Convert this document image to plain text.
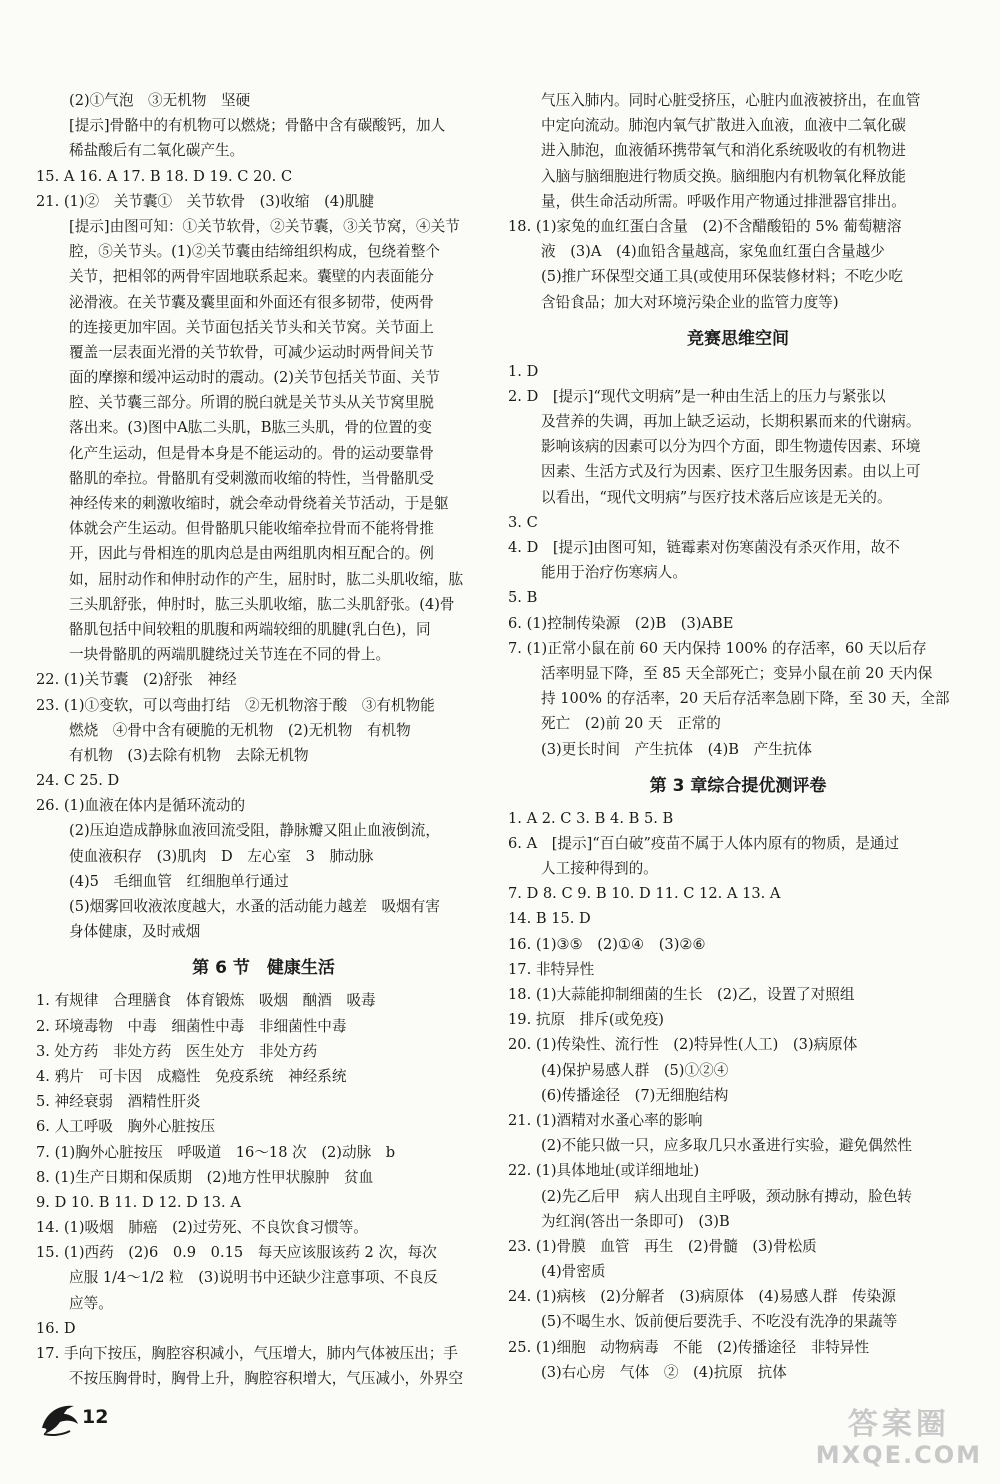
(2)①气泡　③无机物　坚硬
[提示]骨骼中的有机物可以燃烧；骨骼中含有碳酸钙，加人
稀盐酸后有二氧化碳产生。
15. A 16. A 17. B 18. D 19. C 20. C
21. (1)②　关节囊①　关节软骨　(3)收缩　(4)肌腱
[提示]由图可知：①关节软骨，②关节囊，③关节窝，④关节
腔，⑤关节头。(1)②关节囊由结缔组织构成，包绕着整个
关节，把相邻的两骨牢固地联系起来。囊壁的内表面能分
泌滑液。在关节囊及囊里面和外面还有很多韧带，使两骨
的连接更加牢固。关节面包括关节头和关节窝。关节面上
覆盖一层表面光滑的关节软骨，可减少运动时两骨间关节
面的摩擦和缓冲运动时的震动。(2)关节包括关节面、关节
腔、关节囊三部分。所谓的脱臼就是关节头从关节窝里脱
落出来。(3)图中A肱二头肌，B肱三头肌，骨的位置的变
化产生运动，但是骨本身是不能运动的。骨的运动要靠骨
骼肌的牵拉。骨骼肌有受刺激而收缩的特性，当骨骼肌受
神经传来的刺激收缩时，就会牵动骨绕着关节活动，于是躯
体就会产生运动。但骨骼肌只能收缩牵拉骨而不能将骨推
开，因此与骨相连的肌肉总是由两组肌肉相互配合的。例
如，屈肘动作和伸肘动作的产生，屈肘时，肱二头肌收缩，肱
三头肌舒张，伸肘时，肱三头肌收缩，肱二头肌舒张。(4)骨
骼肌包括中间较粗的肌腹和两端较细的肌腱(乳白色)，同
一块骨骼肌的两端肌腱绕过关节连在不同的骨上。
22. (1)关节囊　(2)舒张　神经
23. (1)①变软，可以弯曲打结　②无机物溶于酸　③有机物能
燃烧　④骨中含有硬脆的无机物　(2)无机物　有机物
有机物　(3)去除有机物　去除无机物
24. C 25. D
26. (1)血液在体内是循环流动的
(2)压迫造成静脉血液回流受阻，静脉瓣又阻止血液倒流，
使血液积存　(3)肌肉　D　左心室　3　肺动脉
(4)5　毛细血管　红细胞单行通过
(5)烟雾回收液浓度越大，水蚤的活动能力越差　吸烟有害
身体健康，及时戒烟
第 6 节　健康生活
1. 有规律　合理膳食　体育锻炼　吸烟　酗酒　吸毒
2. 环境毒物　中毒　细菌性中毒　非细菌性中毒
3. 处方药　非处方药　医生处方　非处方药
4. 鸦片　可卡因　成瘾性　免疫系统　神经系统
5. 神经衰弱　酒精性肝炎
6. 人工呼吸　胸外心脏按压
7. (1)胸外心脏按压　呼吸道　16～18 次　(2)动脉　b
8. (1)生产日期和保质期　(2)地方性甲状腺肿　贫血
9. D 10. B 11. D 12. D 13. A
14. (1)吸烟　肺癌　(2)过劳死、不良饮食习惯等。
15. (1)西药　(2)6　0.9　0.15　每天应该服该药 2 次，每次
应服 1/4～1/2 粒　(3)说明书中还缺少注意事项、不良反
应等。
16. D
17. 手向下按压，胸腔容积减小，气压增大，肺内气体被压出；手
不按压胸骨时，胸骨上升，胸腔容积增大，气压减小，外界空
气压入肺内。同时心脏受挤压，心脏内血液被挤出，在血管
中定向流动。肺泡内氧气扩散进入血液，血液中二氧化碳
进入肺泡，血液循环携带氧气和消化系统吸收的有机物进
入脑与脑细胞进行物质交换。脑细胞内有机物氧化释放能
量，供生命活动所需。呼吸作用产物通过排泄器官排出。
18. (1)家兔的血红蛋白含量　(2)不含醋酸铅的 5% 葡萄糖溶
液　(3)A　(4)血铅含量越高，家兔血红蛋白含量越少
(5)推广环保型交通工具(或使用环保装修材料；不吃少吃
含铅食品；加大对环境污染企业的监管力度等)
竞赛思维空间
1. D
2. D　[提示]“现代文明病”是一种由生活上的压力与紧张以
及营养的失调，再加上缺乏运动，长期积累而来的代谢病。
影响该病的因素可以分为四个方面，即生物遗传因素、环境
因素、生活方式及行为因素、医疗卫生服务因素。由以上可
以看出，“现代文明病”与医疗技术落后应该是无关的。
3. C
4. D　[提示]由图可知，链霉素对伤寒菌没有杀灭作用，故不
能用于治疗伤寒病人。
5. B
6. (1)控制传染源　(2)B　(3)ABE
7. (1)正常小鼠在前 60 天内保持 100% 的存活率，60 天以后存
活率明显下降，至 85 天全部死亡；变异小鼠在前 20 天内保
持 100% 的存活率，20 天后存活率急剧下降，至 30 天，全部
死亡　(2)前 20 天　正常的
(3)更长时间　产生抗体　(4)B　产生抗体
第 3 章综合提优测评卷
1. A 2. C 3. B 4. B 5. B
6. A　[提示]“百白破”疫苗不属于人体内原有的物质，是通过
人工接种得到的。
7. D 8. C 9. B 10. D 11. C 12. A 13. A
14. B 15. D
16. (1)③⑤　(2)①④　(3)②⑥
17. 非特异性
18. (1)大蒜能抑制细菌的生长　(2)乙，设置了对照组
19. 抗原　排斥(或免疫)
20. (1)传染性、流行性　(2)特异性(人工)　(3)病原体
(4)保护易感人群　(5)①②④
(6)传播途径　(7)无细胞结构
21. (1)酒精对水蚤心率的影响
(2)不能只做一只，应多取几只水蚤进行实验，避免偶然性
22. (1)具体地址(或详细地址)
(2)先乙后甲　病人出现自主呼吸，颈动脉有搏动，脸色转
为红润(答出一条即可)　(3)B
23. (1)骨膜　血管　再生　(2)骨髓　(3)骨松质
(4)骨密质
24. (1)病核　(2)分解者　(3)病原体　(4)易感人群　传染源
(5)不喝生水、饭前便后要洗手、不吃没有洗净的果蔬等
25. (1)细胞　动物病毒　不能　(2)传播途径　非特异性
(3)右心房　气体　②　(4)抗原　抗体
12	答案圈
MXQE.COM
